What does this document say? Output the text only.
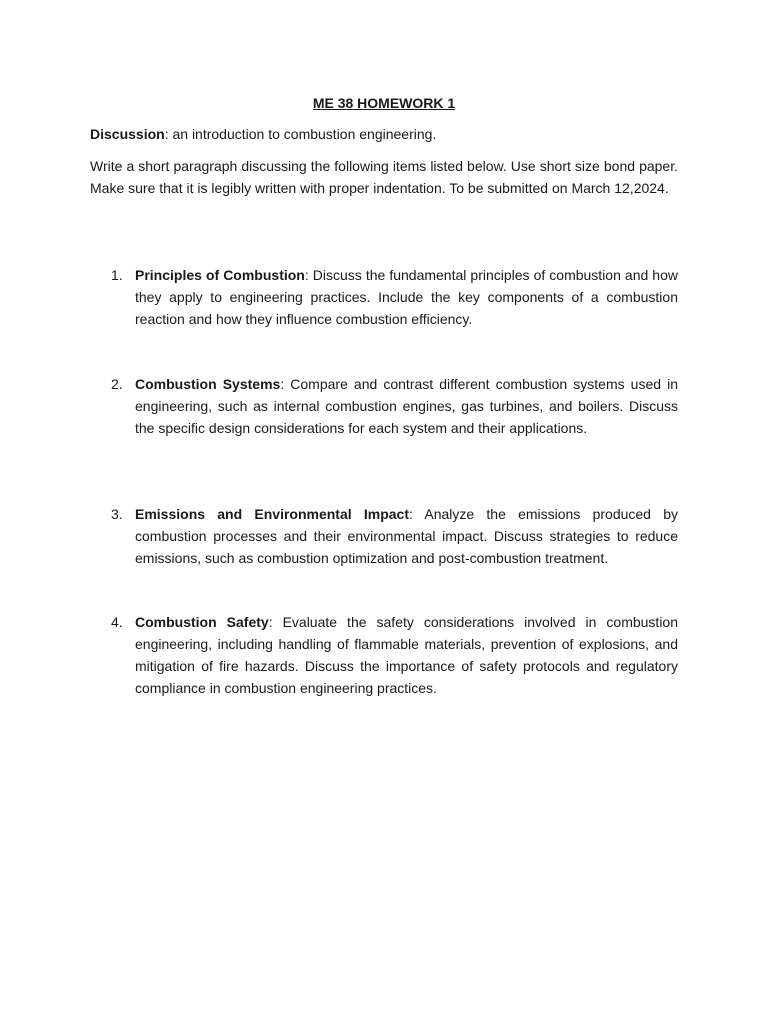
ME 38 HOMEWORK 1

Discussion: an introduction to combustion engineering.

Write a short paragraph discussing the following items listed below. Use short size bond paper. Make sure that it is legibly written with proper indentation. To be submitted on March 12,2024.

1. Principles of Combustion: Discuss the fundamental principles of combustion and how they apply to engineering practices. Include the key components of a combustion reaction and how they influence combustion efficiency.
2. Combustion Systems: Compare and contrast different combustion systems used in engineering, such as internal combustion engines, gas turbines, and boilers. Discuss the specific design considerations for each system and their applications.
3. Emissions and Environmental Impact: Analyze the emissions produced by combustion processes and their environmental impact. Discuss strategies to reduce emissions, such as combustion optimization and post-combustion treatment.
4. Combustion Safety: Evaluate the safety considerations involved in combustion engineering, including handling of flammable materials, prevention of explosions, and mitigation of fire hazards. Discuss the importance of safety protocols and regulatory compliance in combustion engineering practices.
